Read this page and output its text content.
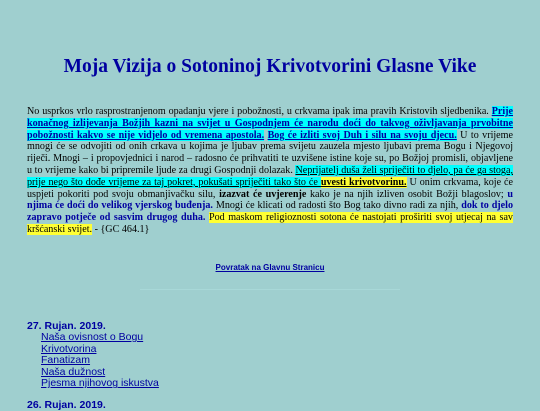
Moja Vizija o Sotoninoj Krivotvorini Glasne Vike

No usprkos vrlo rasprostranjenom opadanju vjere i pobožnosti, u crkvama ipak ima pravih Kristovih sljedbenika. Prije konačnog izlijevanja Božjih kazni na svijet u Gospodnjem će narodu doći do takvog oživljavanja prvobitne pobožnosti kakvo se nije vidjelo od vremena apostola. Bog će izliti svoj Duh i silu na svoju djecu. U to vrijeme mnogi će se odvojiti od onih crkava u kojima je ljubav prema svijetu zauzela mjesto ljubavi prema Bogu i Njegovoj riječi. Mnogi – i propovjednici i narod – radosno će prihvatiti te uzvišene istine koje su, po Božjoj promisli, objavljene u to vrijeme kako bi pripremile ljude za drugi Gospodnji dolazak. Neprijatelj duša želi spriječiti to djelo, pa će ga stoga, prije nego što dođe vrijeme za taj pokret, pokušati spriječiti tako što će uvesti krivotvorinu. U onim crkvama, koje će uspjeti pokoriti pod svoju obmanjivačku silu, izazvat će uvjerenje kako je na njih izliven osobit Božji blagoslov; u njima će doći do velikog vjerskog buđenja. Mnogi će klicati od radosti što Bog tako divno radi za njih, dok to djelo zapravo potječe od sasvim drugog duha. Pod maskom religioznosti sotona će nastojati proširiti svoj utjecaj na sav kršćanski svijet. - {GC 464.1}

Povratak na Glavnu Stranicu
27. Rujan. 2019.
Naša ovisnost o Bogu
Krivotvorina
Fanatizam
Naša dužnost
Pjesma njihovog iskustva
26. Rujan. 2019.
